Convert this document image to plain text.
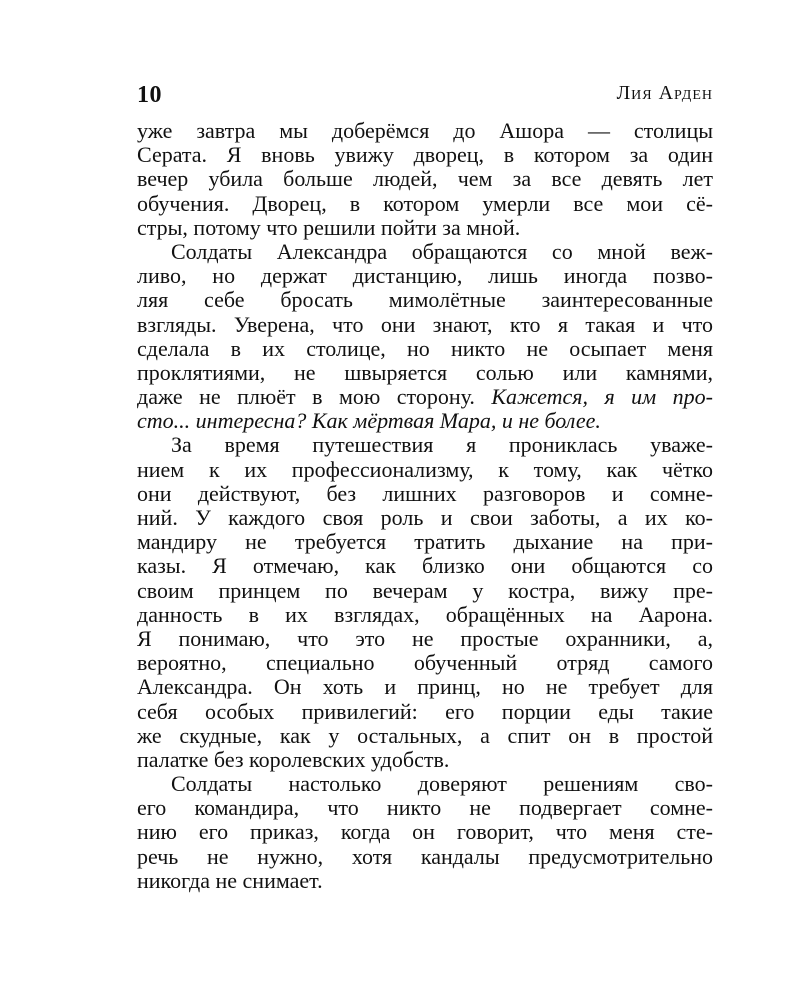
10	Лия Арден
уже завтра мы доберёмся до Ашора — столицы
Серата. Я вновь увижу дворец, в котором за один
вечер убила больше людей, чем за все девять лет
обучения. Дворец, в котором умерли все мои сё-
стры, потому что решили пойти за мной.
Солдаты Александра обращаются со мной веж-
ливо, но держат дистанцию, лишь иногда позво-
ляя себе бросать мимолётные заинтересованные
взгляды. Уверена, что они знают, кто я такая и что
сделала в их столице, но никто не осыпает меня
проклятиями, не швыряется солью или камнями,
даже не плюёт в мою сторону. Кажется, я им про-
сто... интересна? Как мёртвая Мара, и не более.
За время путешествия я прониклась уваже-
нием к их профессионализму, к тому, как чётко
они действуют, без лишних разговоров и сомне-
ний. У каждого своя роль и свои заботы, а их ко-
мандиру не требуется тратить дыхание на при-
казы. Я отмечаю, как близко они общаются со
своим принцем по вечерам у костра, вижу пре-
данность в их взглядах, обращённых на Аарона.
Я понимаю, что это не простые охранники, а,
вероятно, специально обученный отряд самого
Александра. Он хоть и принц, но не требует для
себя особых привилегий: его порции еды такие
же скудные, как у остальных, а спит он в простой
палатке без королевских удобств.
Солдаты настолько доверяют решениям сво-
его командира, что никто не подвергает сомне-
нию его приказ, когда он говорит, что меня сте-
речь не нужно, хотя кандалы предусмотрительно
никогда не снимает.
